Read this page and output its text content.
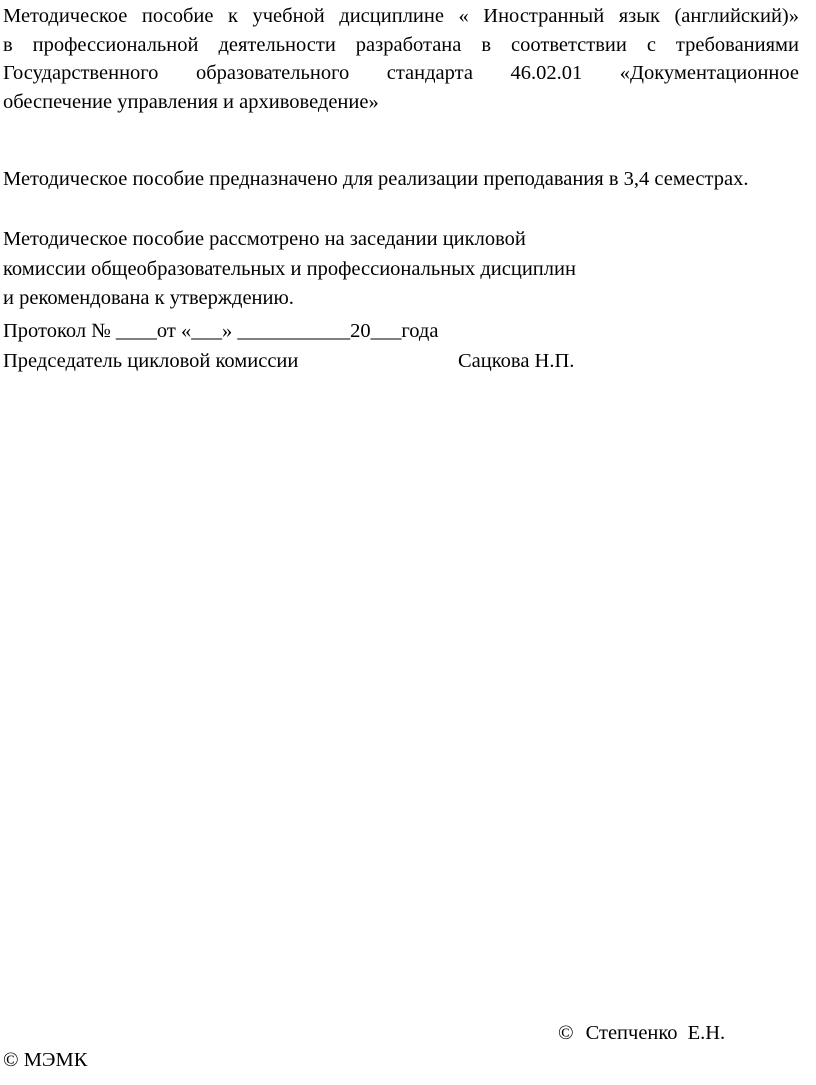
Методическое пособие к учебной дисциплине « Иностранный язык (английский)»
в профессиональной деятельности разработана в соответствии с требованиями
Государственного образовательного стандарта 46.02.01 «Документационное
обеспечение управления и архивоведение»

Методическое пособие предназначено для реализации преподавания в 3,4 семестрах.

Методическое пособие рассмотрено на заседании цикловой
комиссии общеобразовательных и профессиональных дисциплин
и рекомендована к утверждению.

Протокол № ____от «___» ___________20___года

Председатель цикловой комиссии	Сацкова Н.П.
© Степченко Е.Н.

© МЭМК
